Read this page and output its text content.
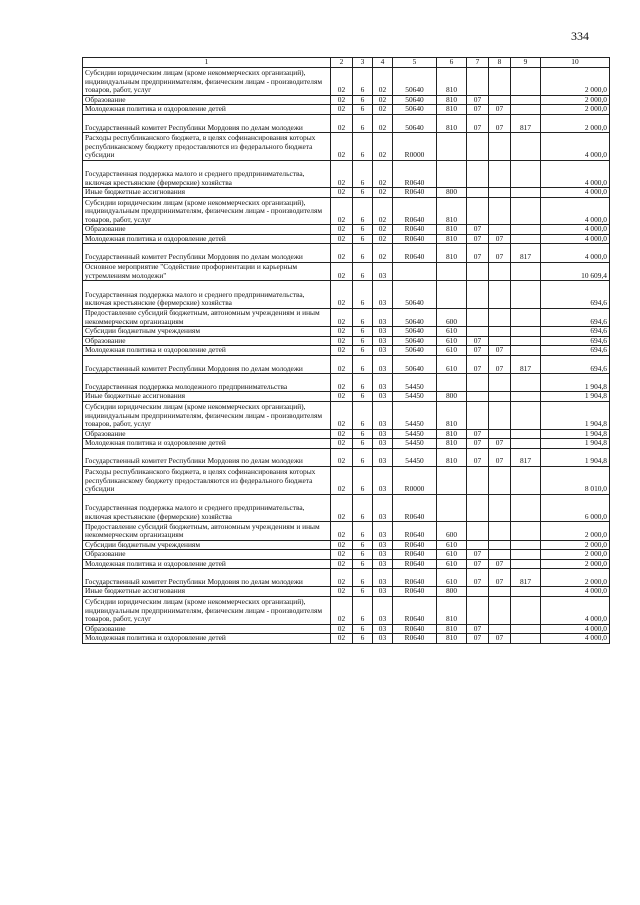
334
1	2	3	4	5	6	7	8	9	10
Субсидии юридическим лицам (кроме некоммерческих организаций), индивидуальным предпринимателям, физическим лицам - производителям товаров, работ, услуг	02	6	02	50640	810				2 000,0
Образование	02	6	02	50640	810	07			2 000,0
Молодежная политика и оздоровление детей	02	6	02	50640	810	07	07		2 000,0
Государственный комитет Республики Мордовия по делам молодежи	02	6	02	50640	810	07	07	817	2 000,0
Расходы республиканского бюджета, в целях софинансирования которых республиканскому бюджету предоставляются из федерального бюджета субсидии	02	6	02	R0000					4 000,0
Государственная поддержка малого и среднего предпринимательства, включая крестьянские (фермерские) хозяйства	02	6	02	R0640					4 000,0
Иные бюджетные ассигнования	02	6	02	R0640	800				4 000,0
Субсидии юридическим лицам (кроме некоммерческих организаций), индивидуальным предпринимателям, физическим лицам - производителям товаров, работ, услуг	02	6	02	R0640	810				4 000,0
Образование	02	6	02	R0640	810	07			4 000,0
Молодежная политика и оздоровление детей	02	6	02	R0640	810	07	07		4 000,0
Государственный комитет Республики Мордовия по делам молодежи	02	6	02	R0640	810	07	07	817	4 000,0
Основное мероприятие "Содействие профориентации и карьерным устремлениям молодежи"	02	6	03						10 609,4
Государственная поддержка малого и среднего предпринимательства, включая крестьянские (фермерские) хозяйства	02	6	03	50640					694,6
Предоставление субсидий бюджетным, автономным учреждениям и иным некоммерческим организациям	02	6	03	50640	600				694,6
Субсидии бюджетным учреждениям	02	6	03	50640	610				694,6
Образование	02	6	03	50640	610	07			694,6
Молодежная политика и оздоровление детей	02	6	03	50640	610	07	07		694,6
Государственный комитет Республики Мордовия по делам молодежи	02	6	03	50640	610	07	07	817	694,6
Государственная поддержка молодежного предпринимательства	02	6	03	54450					1 904,8
Иные бюджетные ассигнования	02	6	03	54450	800				1 904,8
Субсидии юридическим лицам (кроме некоммерческих организаций), индивидуальным предпринимателям, физическим лицам - производителям товаров, работ, услуг	02	6	03	54450	810				1 904,8
Образование	02	6	03	54450	810	07			1 904,8
Молодежная политика и оздоровление детей	02	6	03	54450	810	07	07		1 904,8
Государственный комитет Республики Мордовия по делам молодежи	02	6	03	54450	810	07	07	817	1 904,8
Расходы республиканского бюджета, в целях софинансирования которых республиканскому бюджету предоставляются из федерального бюджета субсидии	02	6	03	R0000					8 010,0
Государственная поддержка малого и среднего предпринимательства, включая крестьянские (фермерские) хозяйства	02	6	03	R0640					6 000,0
Предоставление субсидий бюджетным, автономным учреждениям и иным некоммерческим организациям	02	6	03	R0640	600				2 000,0
Субсидии бюджетным учреждениям	02	6	03	R0640	610				2 000,0
Образование	02	6	03	R0640	610	07			2 000,0
Молодежная политика и оздоровление детей	02	6	03	R0640	610	07	07		2 000,0
Государственный комитет Республики Мордовия по делам молодежи	02	6	03	R0640	610	07	07	817	2 000,0
Иные бюджетные ассигнования	02	6	03	R0640	800				4 000,0
Субсидии юридическим лицам (кроме некоммерческих организаций), индивидуальным предпринимателям, физическим лицам - производителям товаров, работ, услуг	02	6	03	R0640	810				4 000,0
Образование	02	6	03	R0640	810	07			4 000,0
Молодежная политика и оздоровление детей	02	6	03	R0640	810	07	07		4 000,0
